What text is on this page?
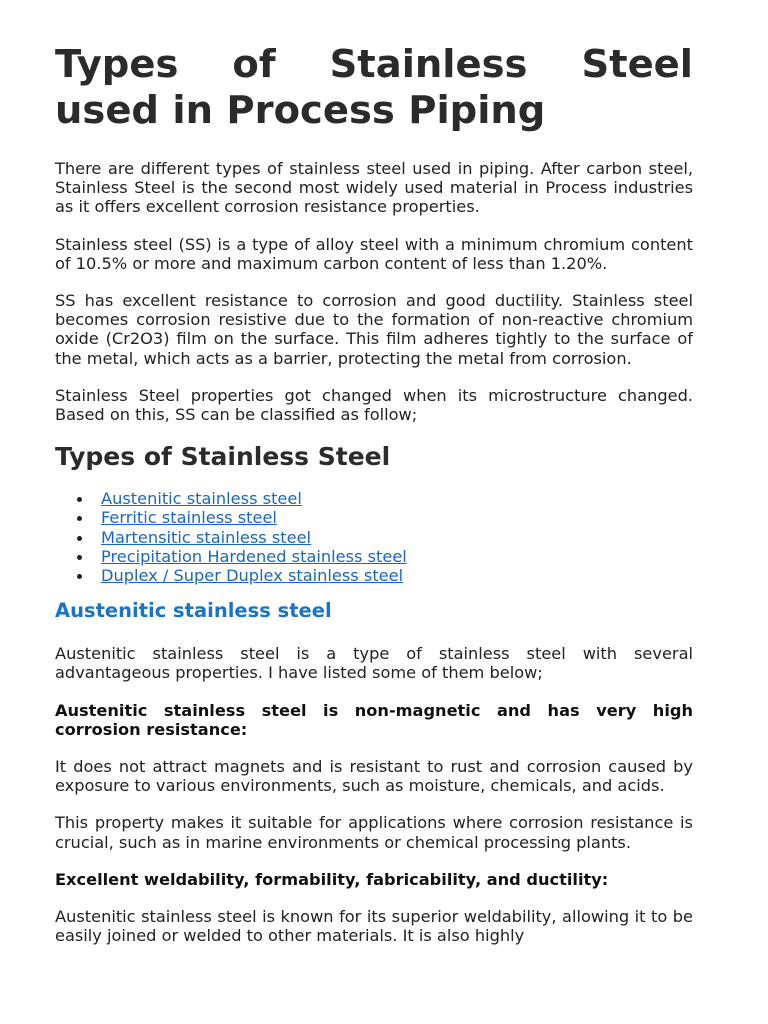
Types of Stainless Steel
used in Process Piping

There are different types of stainless steel used in piping. After carbon steel, Stainless Steel is the second most widely used material in Process industries as it offers excellent corrosion resistance properties.

Stainless steel (SS) is a type of alloy steel with a minimum chromium content of 10.5% or more and maximum carbon content of less than 1.20%.

SS has excellent resistance to corrosion and good ductility. Stainless steel becomes corrosion resistive due to the formation of non-reactive chromium oxide (Cr2O3) film on the surface. This film adheres tightly to the surface of the metal, which acts as a barrier, protecting the metal from corrosion.

Stainless Steel properties got changed when its microstructure changed. Based on this, SS can be classified as follow;

Types of Stainless Steel
Austenitic stainless steel
Ferritic stainless steel
Martensitic stainless steel
Precipitation Hardened stainless steel
Duplex / Super Duplex stainless steel
Austenitic stainless steel

Austenitic stainless steel is a type of stainless steel with several advantageous properties. I have listed some of them below;

Austenitic stainless steel is non-magnetic and has very high corrosion resistance:

It does not attract magnets and is resistant to rust and corrosion caused by exposure to various environments, such as moisture, chemicals, and acids.

This property makes it suitable for applications where corrosion resistance is crucial, such as in marine environments or chemical processing plants.

Excellent weldability, formability, fabricability, and ductility:

Austenitic stainless steel is known for its superior weldability, allowing it to be easily joined or welded to other materials. It is also highly
